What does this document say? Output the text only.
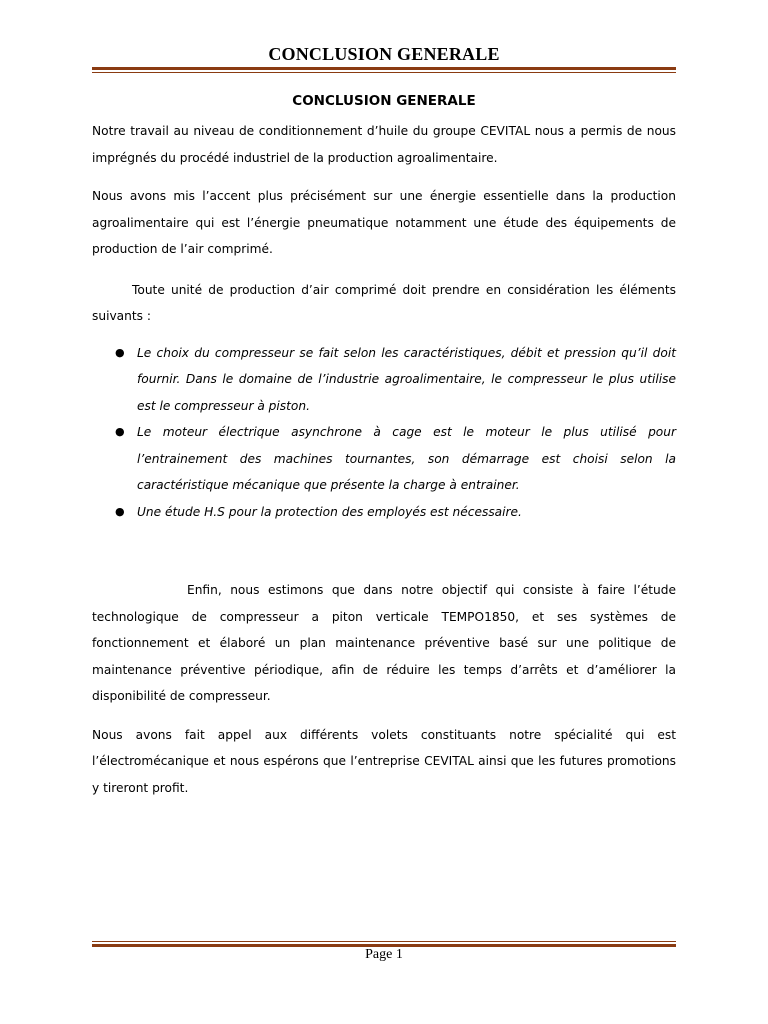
CONCLUSION GENERALE
CONCLUSION GENERALE

Notre travail au niveau de conditionnement d’huile du groupe CEVITAL nous a permis de nous imprégnés du procédé industriel de la production agroalimentaire.

Nous avons mis l’accent plus précisément sur une énergie essentielle dans la production agroalimentaire qui est l’énergie pneumatique notamment une étude des équipements de production de l’air comprimé.

Toute unité de production d’air comprimé doit prendre en considération les éléments suivants :

● Le choix du compresseur se fait selon les caractéristiques, débit et pression qu’il doit fournir. Dans le domaine de l’industrie agroalimentaire, le compresseur le plus utilise est le compresseur à piston.
● Le moteur électrique asynchrone à cage est le moteur le plus utilisé pour l’entrainement des machines tournantes, son démarrage est choisi selon la caractéristique mécanique que présente la charge à entrainer.
● Une étude H.S pour la protection des employés est nécessaire.

Enfin, nous estimons que dans notre objectif qui consiste à faire l’étude technologique de compresseur a piton verticale TEMPO1850, et ses systèmes de fonctionnement et élaboré un plan maintenance préventive basé sur une politique de maintenance préventive périodique, afin de réduire les temps d’arrêts et d’améliorer la disponibilité de compresseur.

Nous avons fait appel aux différents volets constituants notre spécialité qui est l’électromécanique et nous espérons que l’entreprise CEVITAL ainsi que les futures promotions y tireront profit.

Page 1
